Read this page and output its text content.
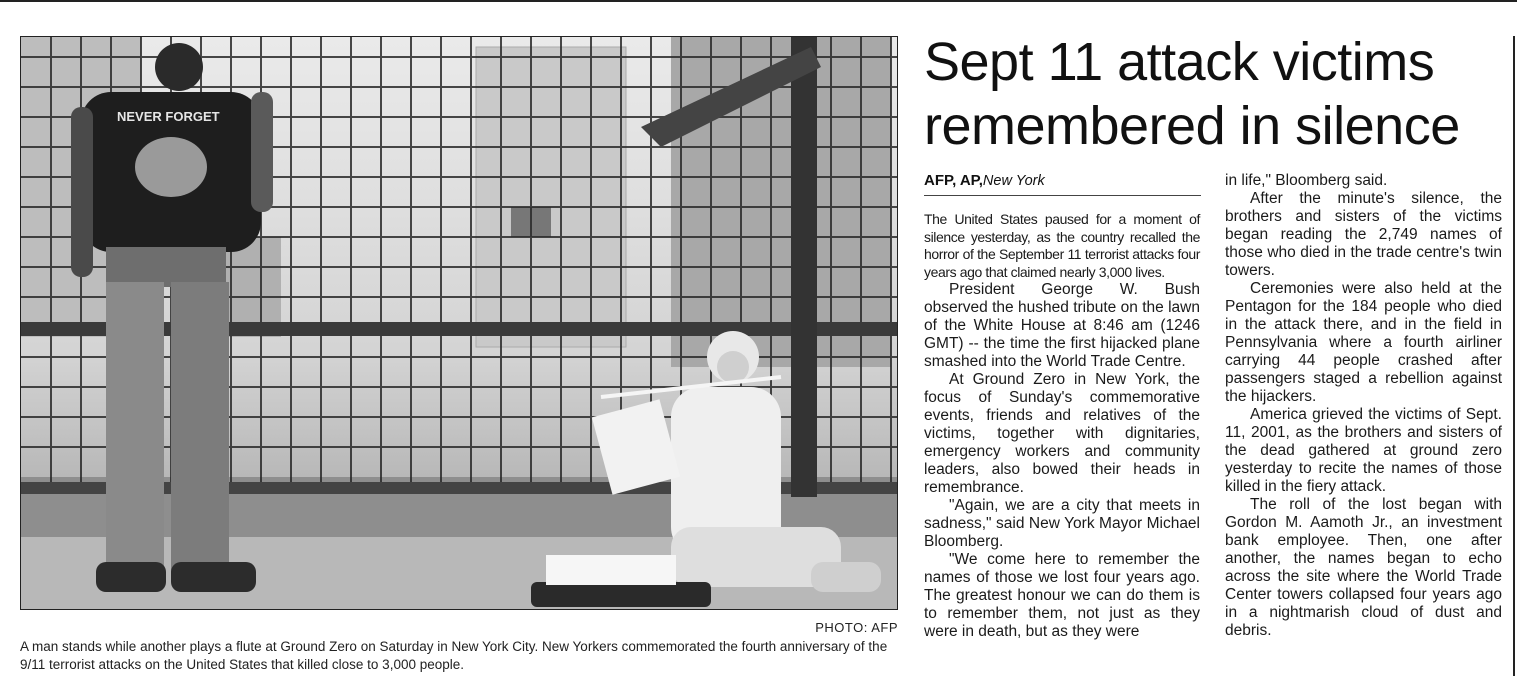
NEVER FORGET
PHOTO: AFP
A man stands while another plays a flute at Ground Zero on Saturday in New York City. New Yorkers commemorated the fourth anniversary of the 9/11 terrorist attacks on the United States that killed close to 3,000 people.
Sept 11 attack victims remembered in silence
AFP, AP,New York

The United States paused for a moment of silence yesterday, as the country recalled the horror of the September 11 terrorist attacks four years ago that claimed nearly 3,000 lives.

President George W. Bush observed the hushed tribute on the lawn of the White House at 8:46 am (1246 GMT) -- the time the first hijacked plane smashed into the World Trade Centre.

At Ground Zero in New York, the focus of Sunday's commemorative events, friends and relatives of the victims, together with dignitaries, emergency workers and community leaders, also bowed their heads in remembrance.

"Again, we are a city that meets in sadness," said New York Mayor Michael Bloomberg.

"We come here to remember the names of those we lost four years ago. The greatest honour we can do them is to remember them, not just as they were in death, but as they were

in life," Bloomberg said.

After the minute's silence, the brothers and sisters of the victims began reading the 2,749 names of those who died in the trade centre's twin towers.

Ceremonies were also held at the Pentagon for the 184 people who died in the attack there, and in the field in Pennsylvania where a fourth airliner carrying 44 people crashed after passengers staged a rebellion against the hijackers.

America grieved the victims of Sept. 11, 2001, as the brothers and sisters of the dead gathered at ground zero yesterday to recite the names of those killed in the fiery attack.

The roll of the lost began with Gordon M. Aamoth Jr., an investment bank employee. Then, one after another, the names began to echo across the site where the World Trade Center towers collapsed four years ago in a nightmarish cloud of dust and debris.
